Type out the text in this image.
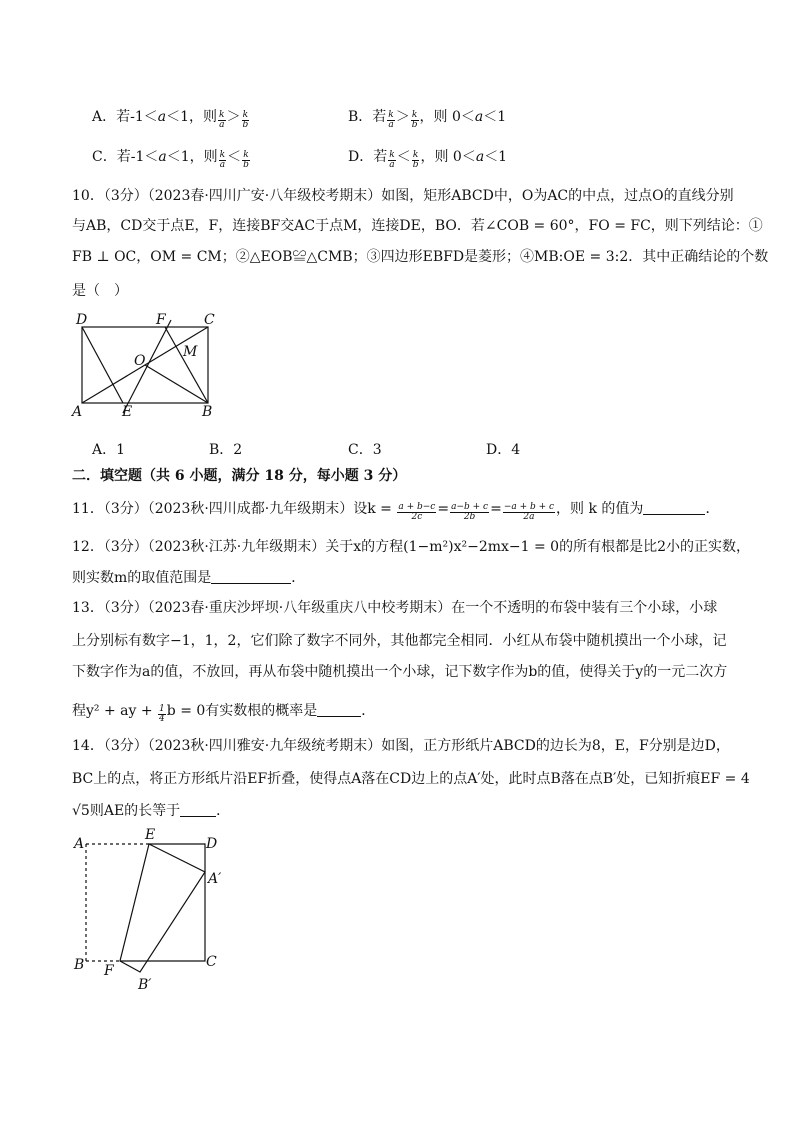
A．若-1＜a＜1，则 $\frac{k}{a} > \frac{k}{b}$	B．若 $\frac{k}{a} > \frac{k}{b}$ ，则 0＜a＜1
C．若-1＜a＜1，则 $\frac{k}{a} < \frac{k}{b}$	D．若 $\frac{k}{a} < \frac{k}{b}$ ，则 0＜a＜1
10．（3分）（2023春·四川广安·八年级校考期末）如图，矩形ABCD中，O为AC的中点，过点O的直线分别
与AB，CD交于点E，F，连接BF交AC于点M，连接DE，BO．若∠COB = 60°，FO = FC，则下列结论：①
FB ⊥ OC，OM = CM；②△EOB≌△CMB；③四边形EBFD是菱形；④MB:OE = 3:2．其中正确结论的个数
是（　）
D	F	C
O
M
A	E	B
A．1	B．2	C．3	D．4
二．填空题（共 6 小题，满分 18 分，每小题 3 分）
11．（3分）（2023秋·四川成都·九年级期末）设$k = \frac{a + b-c}{2c} = \frac{a-b + c}{2b} = \frac{-a + b + c}{2a}$ ，则 k 的值为	．
12．（3分）（2023秋·江苏·九年级期末）关于x的方程(1−m²)x²−2mx−1 = 0的所有根都是比2小的正实数，
则实数m的取值范围是	．
13．（3分）（2023春·重庆沙坪坝·八年级重庆八中校考期末）在一个不透明的布袋中装有三个小球，小球
上分别标有数字−1，1，2，它们除了数字不同外，其他都完全相同．小红从布袋中随机摸出一个小球，记
下数字作为a的值，不放回，再从布袋中随机摸出一个小球，记下数字作为b的值，使得关于y的一元二次方
程y² + ay + $\frac{1}{4}$ b = 0有实数根的概率是	．
14．（3分）（2023秋·四川雅安·九年级统考期末）如图，正方形纸片ABCD的边长为8，E，F分别是边D，
BC上的点，将正方形纸片沿EF折叠，使得点A落在CD边上的点A′处，此时点B落在点B′处，已知折痕EF = 4
√5则AE的长等于	．
A
E
D
A′
B F
C
B′
